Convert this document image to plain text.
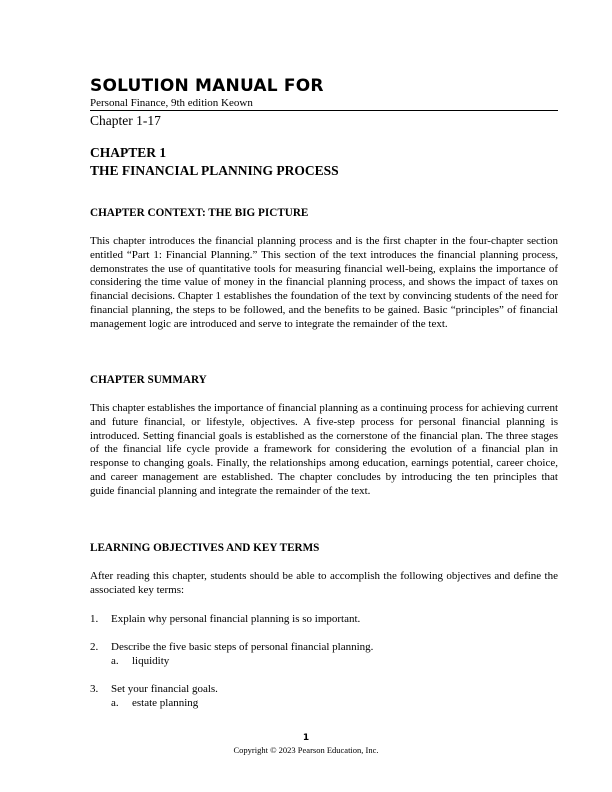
SOLUTION MANUAL FOR
Personal Finance, 9th edition Keown
Chapter 1-17
CHAPTER 1
THE FINANCIAL PLANNING PROCESS
CHAPTER CONTEXT: THE BIG PICTURE

This chapter introduces the financial planning process and is the first chapter in the four-chapter section entitled “Part 1: Financial Planning.” This section of the text introduces the financial planning process, demonstrates the use of quantitative tools for measuring financial well-being, explains the importance of considering the time value of money in the financial planning process, and shows the impact of taxes on financial decisions. Chapter 1 establishes the foundation of the text by convincing students of the need for financial planning, the steps to be followed, and the benefits to be gained. Basic “principles” of financial management logic are introduced and serve to integrate the remainder of the text.

CHAPTER SUMMARY

This chapter establishes the importance of financial planning as a continuing process for achieving current and future financial, or lifestyle, objectives. A five-step process for personal financial planning is introduced. Setting financial goals is established as the cornerstone of the financial plan. The three stages of the financial life cycle provide a framework for considering the evolution of a financial plan in response to changing goals. Finally, the relationships among education, earnings potential, career choice, and career management are established. The chapter concludes by introducing the ten principles that guide financial planning and integrate the remainder of the text.

LEARNING OBJECTIVES AND KEY TERMS

After reading this chapter, students should be able to accomplish the following objectives and define the associated key terms:

1. Explain why personal financial planning is so important.
2. Describe the five basic steps of personal financial planning.
a. liquidity
3. Set your financial goals.
a. estate planning
1
Copyright © 2023 Pearson Education, Inc.
